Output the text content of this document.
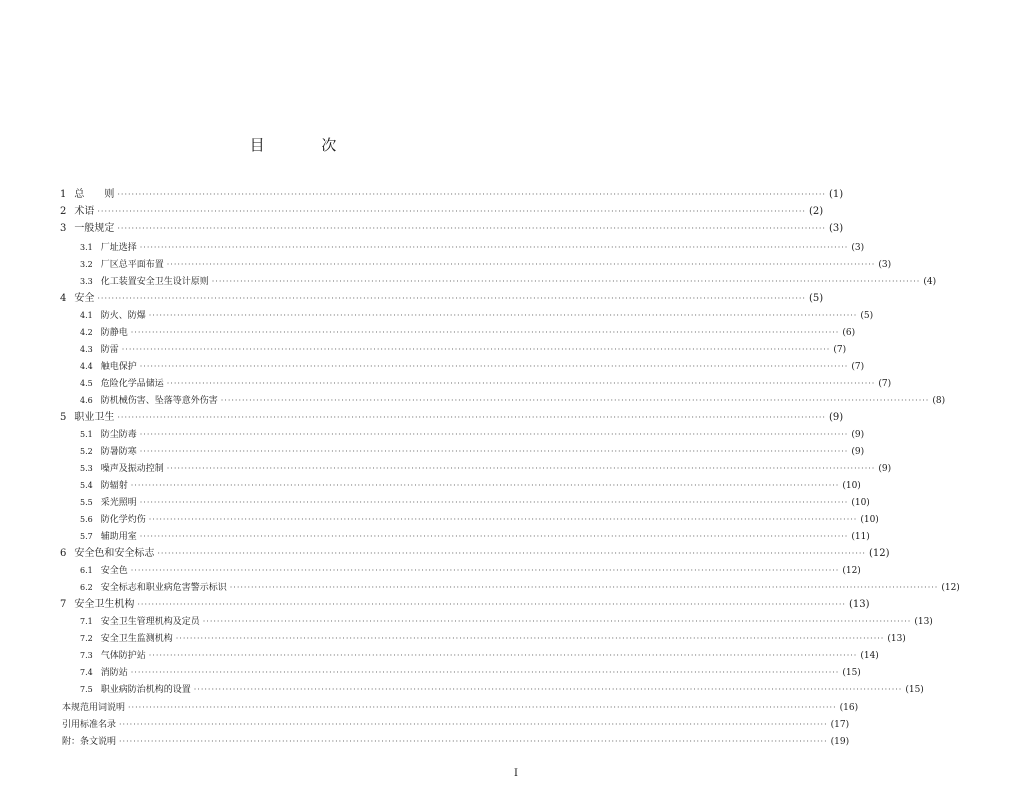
目 次
1 总　　则 ········································································································································································································ (1)
2 术语 ········································································································································································································ (2)
3 一般规定 ········································································································································································································ (3)
3.1 厂址选择 ········································································································································································································ (3)
3.2 厂区总平面布置 ········································································································································································································ (3)
3.3 化工装置安全卫生设计原则 ········································································································································································································ (4)
4 安全 ········································································································································································································ (5)
4.1 防火、防爆 ········································································································································································································ (5)
4.2 防静电 ········································································································································································································ (6)
4.3 防雷 ········································································································································································································ (7)
4.4 触电保护 ········································································································································································································ (7)
4.5 危险化学品储运 ········································································································································································································ (7)
4.6 防机械伤害、坠落等意外伤害 ········································································································································································································ (8)
5 职业卫生 ········································································································································································································ (9)
5.1 防尘防毒 ········································································································································································································ (9)
5.2 防暑防寒 ········································································································································································································ (9)
5.3 噪声及振动控制 ········································································································································································································ (9)
5.4 防辐射 ········································································································································································································ (10)
5.5 采光照明 ········································································································································································································ (10)
5.6 防化学灼伤 ········································································································································································································ (10)
5.7 辅助用室 ········································································································································································································ (11)
6 安全色和安全标志 ········································································································································································································ (12)
6.1 安全色 ········································································································································································································ (12)
6.2 安全标志和职业病危害警示标识 ········································································································································································································ (12)
7 安全卫生机构 ········································································································································································································ (13)
7.1 安全卫生管理机构及定员 ········································································································································································································ (13)
7.2 安全卫生监测机构 ········································································································································································································ (13)
7.3 气体防护站 ········································································································································································································ (14)
7.4 消防站 ········································································································································································································ (15)
7.5 职业病防治机构的设置 ········································································································································································································ (15)
本规范用词说明 ········································································································································································································ (16)
引用标准名录 ········································································································································································································ (17)
附：条文说明 ········································································································································································································ (19)
I
